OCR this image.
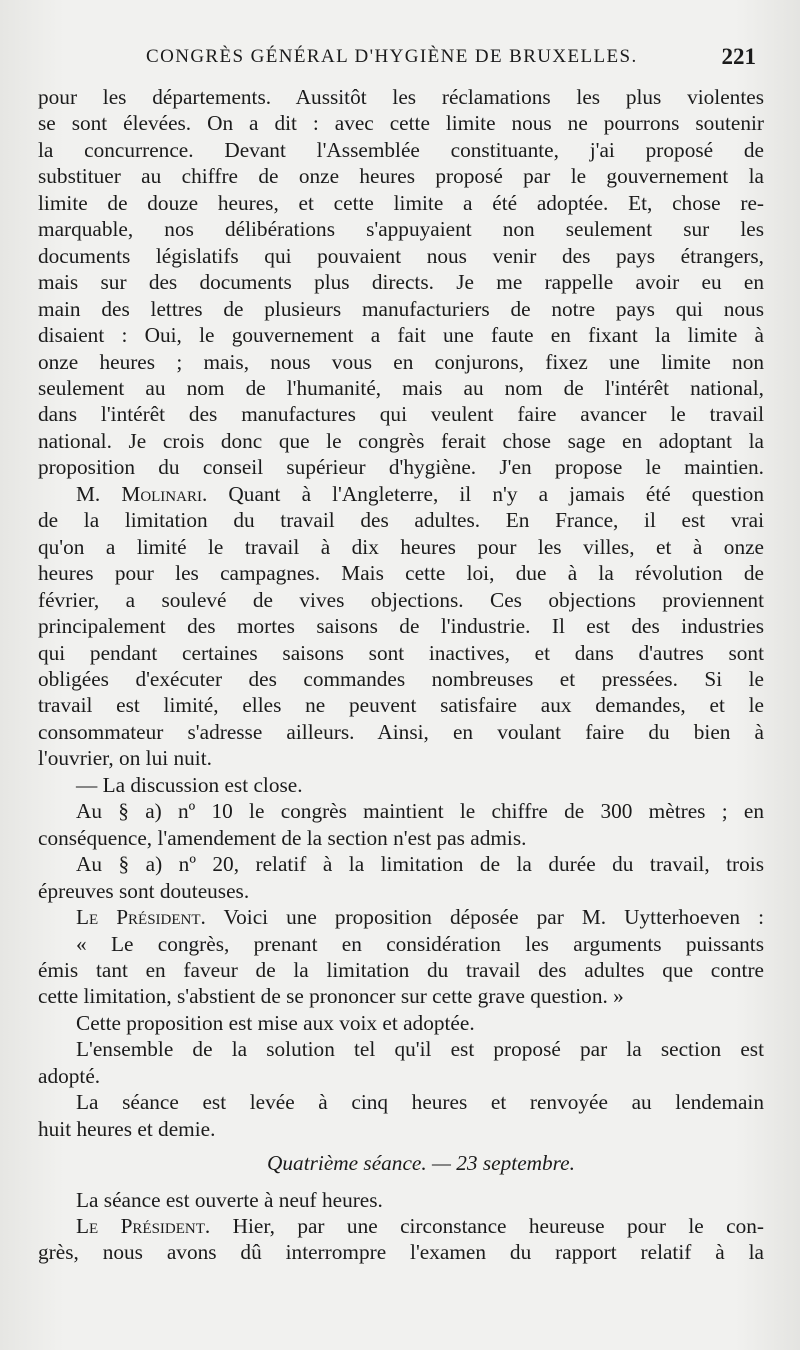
CONGRÈS GÉNÉRAL D'HYGIÈNE DE BRUXELLES.	221

pour les départements. Aussitôt les réclamations les plus violentes
se sont élevées. On a dit : avec cette limite nous ne pourrons soutenir
la concurrence. Devant l'Assemblée constituante, j'ai proposé de
substituer au chiffre de onze heures proposé par le gouvernement la
limite de douze heures, et cette limite a été adoptée. Et, chose re-
marquable, nos délibérations s'appuyaient non seulement sur les
documents législatifs qui pouvaient nous venir des pays étrangers,
mais sur des documents plus directs. Je me rappelle avoir eu en
main des lettres de plusieurs manufacturiers de notre pays qui nous
disaient : Oui, le gouvernement a fait une faute en fixant la limite à
onze heures ; mais, nous vous en conjurons, fixez une limite non
seulement au nom de l'humanité, mais au nom de l'intérêt national,
dans l'intérêt des manufactures qui veulent faire avancer le travail
national. Je crois donc que le congrès ferait chose sage en adoptant la
proposition du conseil supérieur d'hygiène. J'en propose le maintien.

M. Molinari. Quant à l'Angleterre, il n'y a jamais été question
de la limitation du travail des adultes. En France, il est vrai
qu'on a limité le travail à dix heures pour les villes, et à onze
heures pour les campagnes. Mais cette loi, due à la révolution de
février, a soulevé de vives objections. Ces objections proviennent
principalement des mortes saisons de l'industrie. Il est des industries
qui pendant certaines saisons sont inactives, et dans d'autres sont
obligées d'exécuter des commandes nombreuses et pressées. Si le
travail est limité, elles ne peuvent satisfaire aux demandes, et le
consommateur s'adresse ailleurs. Ainsi, en voulant faire du bien à
l'ouvrier, on lui nuit.

— La discussion est close.

Au § a) nº 10 le congrès maintient le chiffre de 300 mètres ; en
conséquence, l'amendement de la section n'est pas admis.

Au § a) nº 20, relatif à la limitation de la durée du travail, trois
épreuves sont douteuses.

Le Président. Voici une proposition déposée par M. Uytterhoeven :

« Le congrès, prenant en considération les arguments puissants
émis tant en faveur de la limitation du travail des adultes que contre
cette limitation, s'abstient de se prononcer sur cette grave question. »

Cette proposition est mise aux voix et adoptée.

L'ensemble de la solution tel qu'il est proposé par la section est
adopté.

La séance est levée à cinq heures et renvoyée au lendemain
huit heures et demie.

Quatrième séance. — 23 septembre.

La séance est ouverte à neuf heures.

Le Président. Hier, par une circonstance heureuse pour le con-
grès, nous avons dû interrompre l'examen du rapport relatif à la
